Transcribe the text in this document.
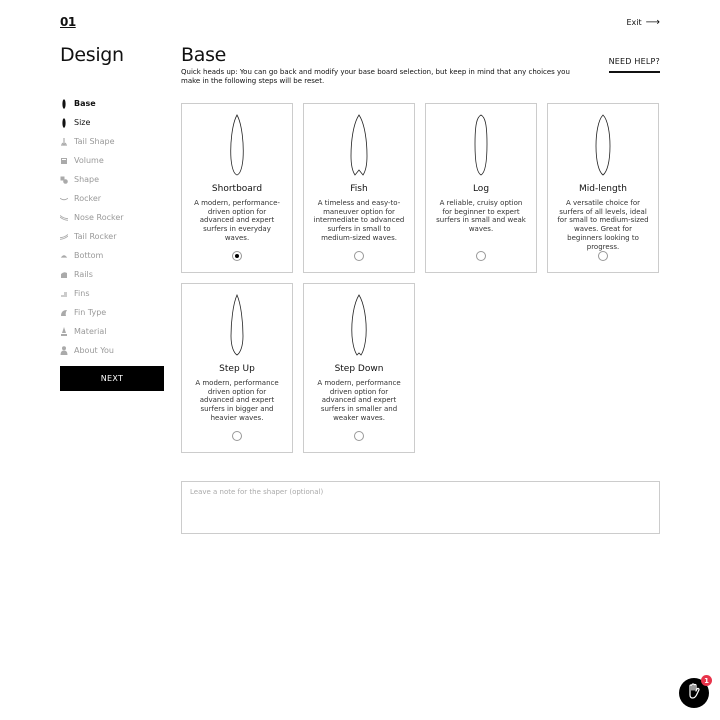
01	Exit ⟶
Design
Base
Size
Tail Shape
Volume
Shape
Rocker
Nose Rocker
Tail Rocker
Bottom
Rails
Fins
Fin Type
Material
About You
NEXT
Base	NEED HELP?
Quick heads up: You can go back and modify your base board selection, but keep in mind that any choices you make in the following steps will be reset.
Shortboard
A modern, performance-driven option for advanced and expert surfers in everyday waves.
Fish
A timeless and easy-to-maneuver option for intermediate to advanced surfers in small to medium-sized waves.
Log
A reliable, cruisy option for beginner to expert surfers in small and weak waves.
Mid-length
A versatile choice for surfers of all levels, ideal for small to medium-sized waves. Great for beginners looking to progress.
Step Up
A modern, performance driven option for advanced and expert surfers in bigger and heavier waves.
Step Down
A modern, performance driven option for advanced and expert surfers in smaller and weaker waves.
Leave a note for the shaper (optional)
1
